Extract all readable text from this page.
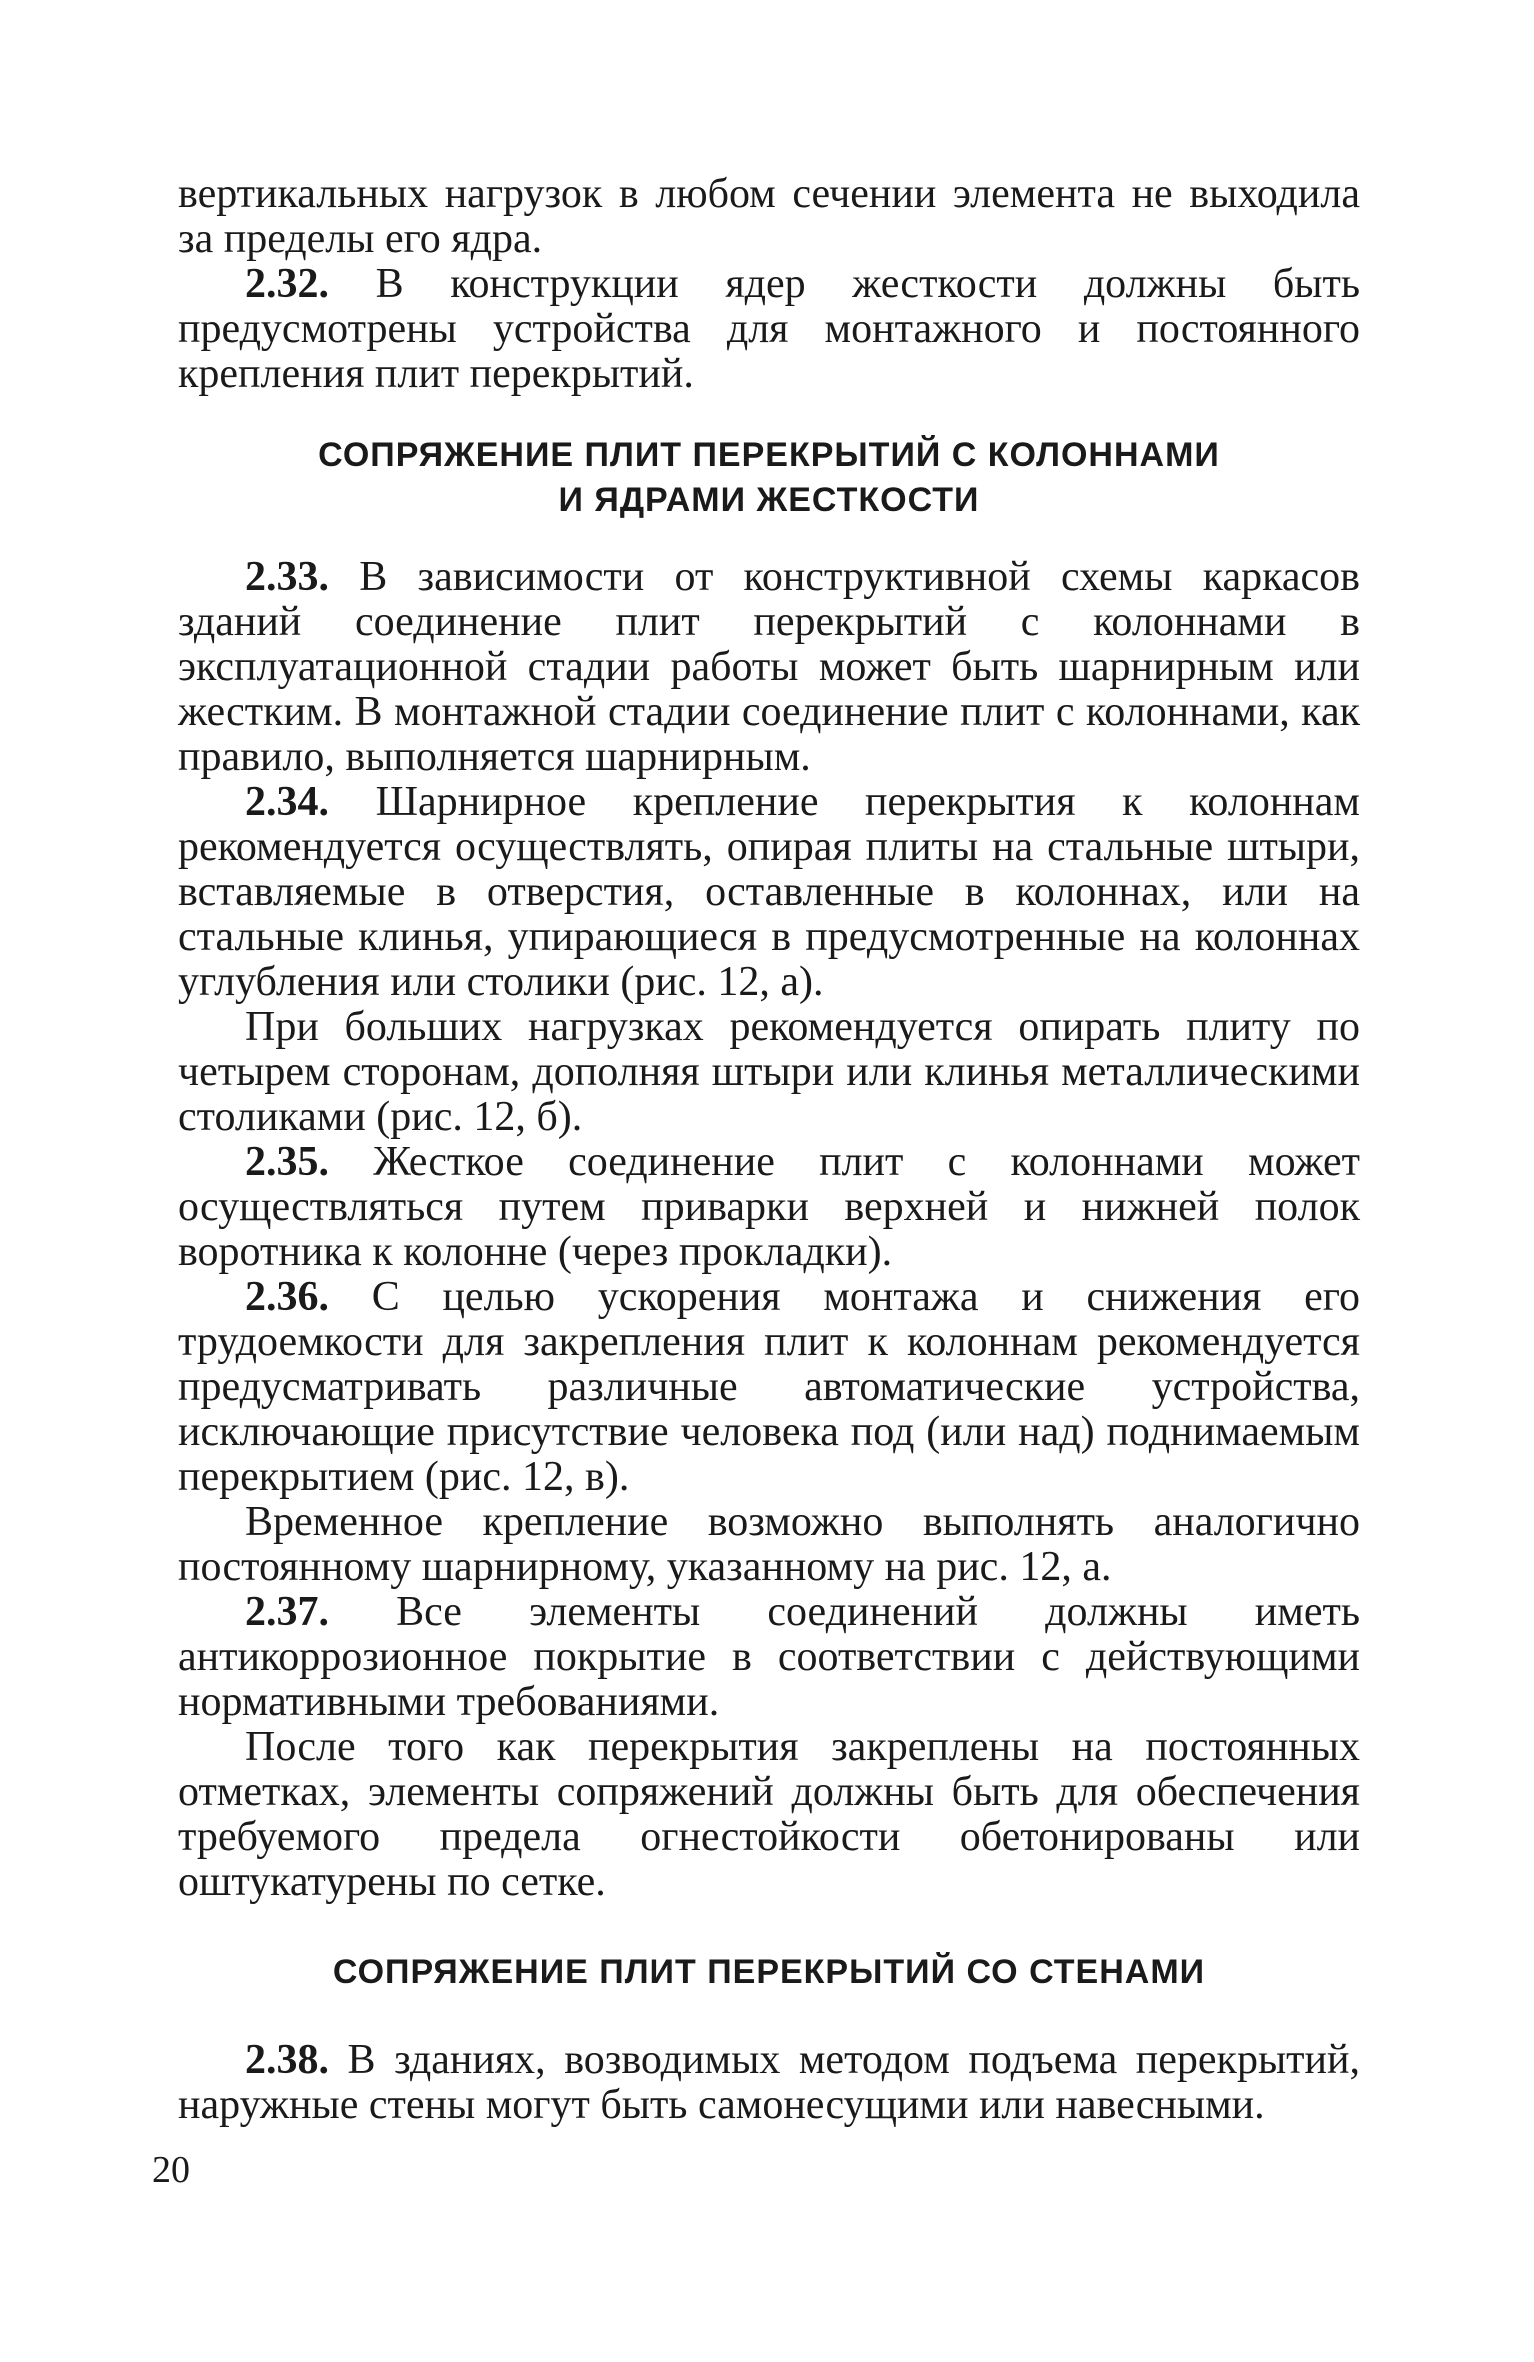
вертикальных нагрузок в любом сечении элемента не выходила за пределы его ядра.

2.32. В конструкции ядер жесткости должны быть предусмотрены устройства для монтажного и постоянного крепления плит перекрытий.

СОПРЯЖЕНИЕ ПЛИТ ПЕРЕКРЫТИЙ С КОЛОННАМИ
И ЯДРАМИ ЖЕСТКОСТИ

2.33. В зависимости от конструктивной схемы каркасов зданий соединение плит перекрытий с колоннами в эксплуатационной стадии работы может быть шарнирным или жестким. В монтажной стадии соединение плит с колоннами, как правило, выполняется шарнирным.

2.34. Шарнирное крепление перекрытия к колоннам рекомендуется осуществлять, опирая плиты на стальные штыри, вставляемые в отверстия, оставленные в колоннах, или на стальные клинья, упирающиеся в предусмотренные на колоннах углубления или столики (рис. 12, а).

При больших нагрузках рекомендуется опирать плиту по четырем сторонам, дополняя штыри или клинья металлическими столиками (рис. 12, б).

2.35. Жесткое соединение плит с колоннами может осуществляться путем приварки верхней и нижней полок воротника к колонне (через прокладки).

2.36. С целью ускорения монтажа и снижения его трудоемкости для закрепления плит к колоннам рекомендуется предусматривать различные автоматические устройства, исключающие присутствие человека под (или над) поднимаемым перекрытием (рис. 12, в).

Временное крепление возможно выполнять аналогично постоянному шарнирному, указанному на рис. 12, а.

2.37. Все элементы соединений должны иметь антикоррозионное покрытие в соответствии с действующими нормативными требованиями.

После того как перекрытия закреплены на постоянных отметках, элементы сопряжений должны быть для обеспечения требуемого предела огнестойкости обетонированы или оштукатурены по сетке.

СОПРЯЖЕНИЕ ПЛИТ ПЕРЕКРЫТИЙ СО СТЕНАМИ

2.38. В зданиях, возводимых методом подъема перекрытий, наружные стены могут быть самонесущими или навесными.

20
